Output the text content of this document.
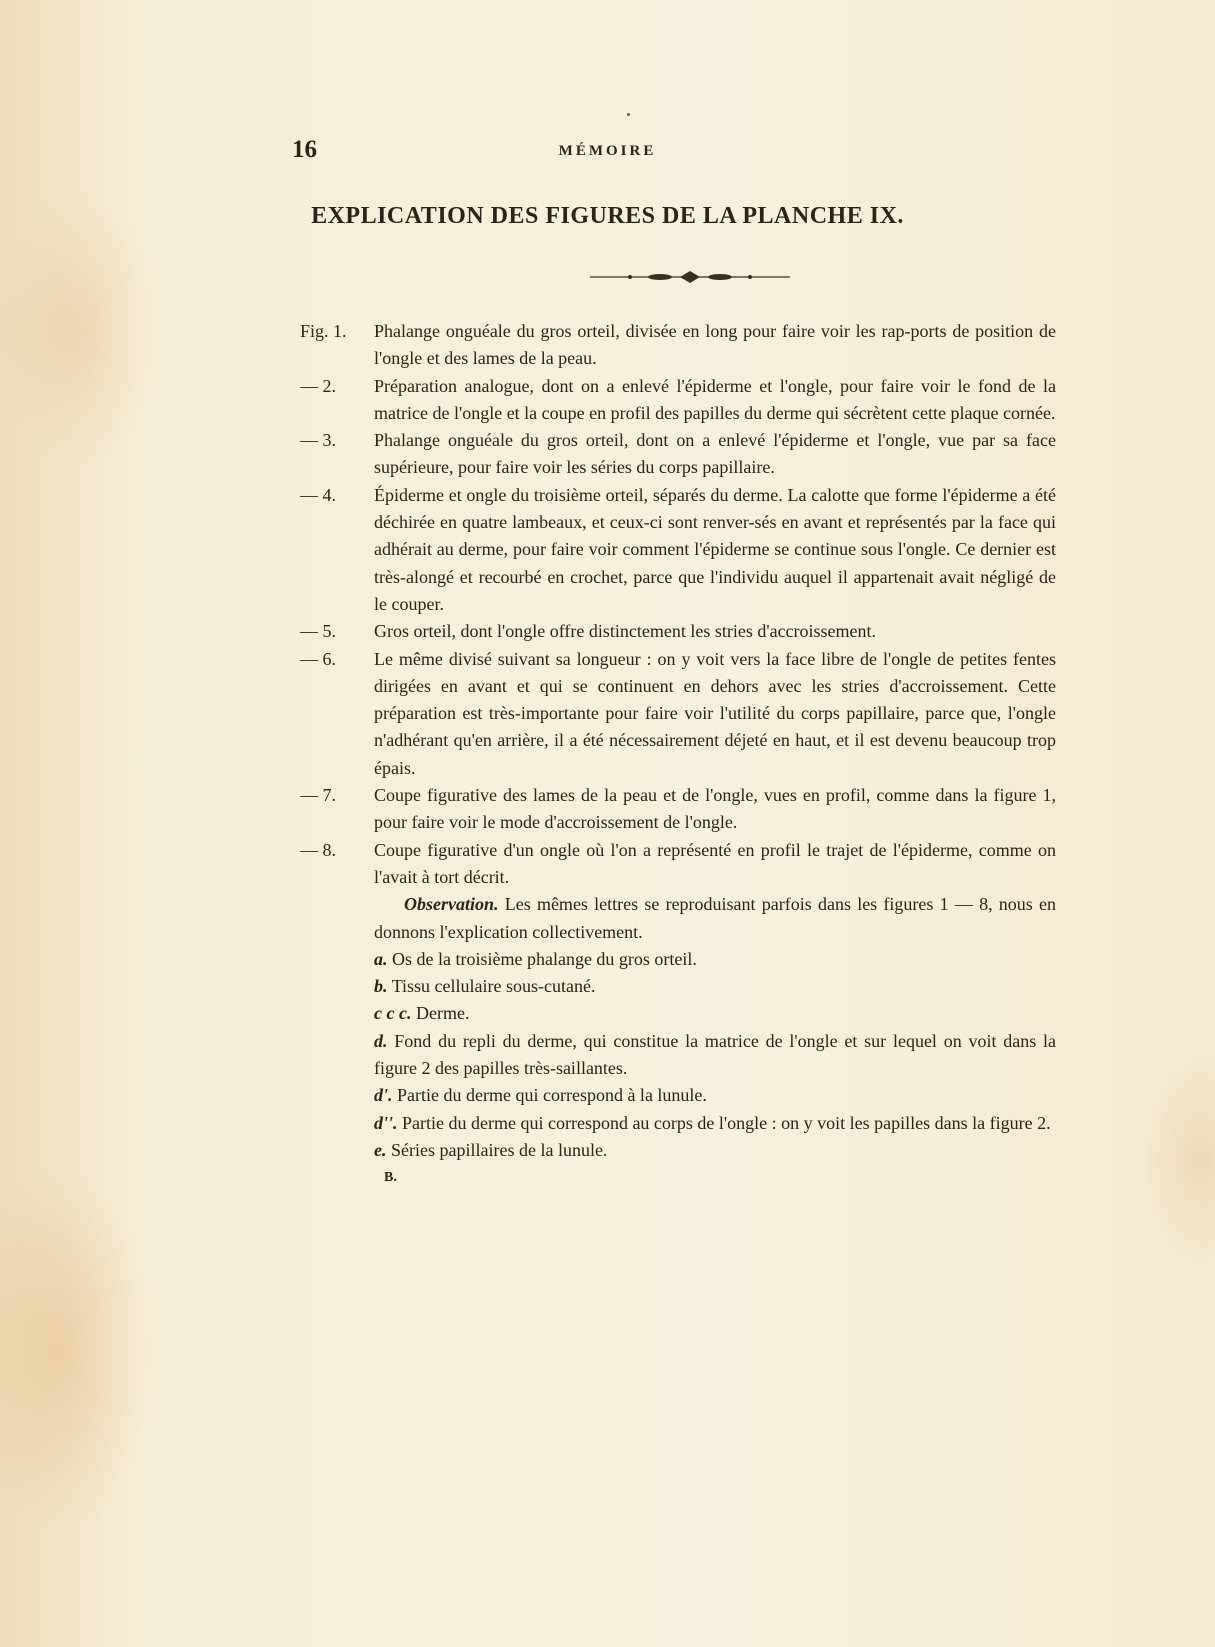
16	MÉMOIRE
EXPLICATION DES FIGURES DE LA PLANCHE IX.
Fig. 1. Phalange onguéale du gros orteil, divisée en long pour faire voir les rap-ports de position de l'ongle et des lames de la peau.
— 2. Préparation analogue, dont on a enlevé l'épiderme et l'ongle, pour faire voir le fond de la matrice de l'ongle et la coupe en profil des papilles du derme qui sécrètent cette plaque cornée.
— 3. Phalange onguéale du gros orteil, dont on a enlevé l'épiderme et l'ongle, vue par sa face supérieure, pour faire voir les séries du corps papillaire.
— 4. Épiderme et ongle du troisième orteil, séparés du derme. La calotte que forme l'épiderme a été déchirée en quatre lambeaux, et ceux-ci sont renver-sés en avant et représentés par la face qui adhérait au derme, pour faire voir comment l'épiderme se continue sous l'ongle. Ce dernier est très-alongé et recourbé en crochet, parce que l'individu auquel il appartenait avait négligé de le couper.
— 5. Gros orteil, dont l'ongle offre distinctement les stries d'accroissement.
— 6. Le même divisé suivant sa longueur : on y voit vers la face libre de l'ongle de petites fentes dirigées en avant et qui se continuent en dehors avec les stries d'accroissement. Cette préparation est très-importante pour faire voir l'utilité du corps papillaire, parce que, l'ongle n'adhérant qu'en arrière, il a été nécessairement déjeté en haut, et il est devenu beaucoup trop épais.
— 7. Coupe figurative des lames de la peau et de l'ongle, vues en profil, comme dans la figure 1, pour faire voir le mode d'accroissement de l'ongle.
— 8. Coupe figurative d'un ongle où l'on a représenté en profil le trajet de l'épiderme, comme on l'avait à tort décrit.
Observation. Les mêmes lettres se reproduisant parfois dans les figures 1 — 8, nous en donnons l'explication collectivement.
a. Os de la troisième phalange du gros orteil.
b. Tissu cellulaire sous-cutané.
c c c. Derme.
d. Fond du repli du derme, qui constitue la matrice de l'ongle et sur lequel on voit dans la figure 2 des papilles très-saillantes.
d'. Partie du derme qui correspond à la lunule.
d''. Partie du derme qui correspond au corps de l'ongle : on y voit les papilles dans la figure 2.
e. Séries papillaires de la lunule.
B.
